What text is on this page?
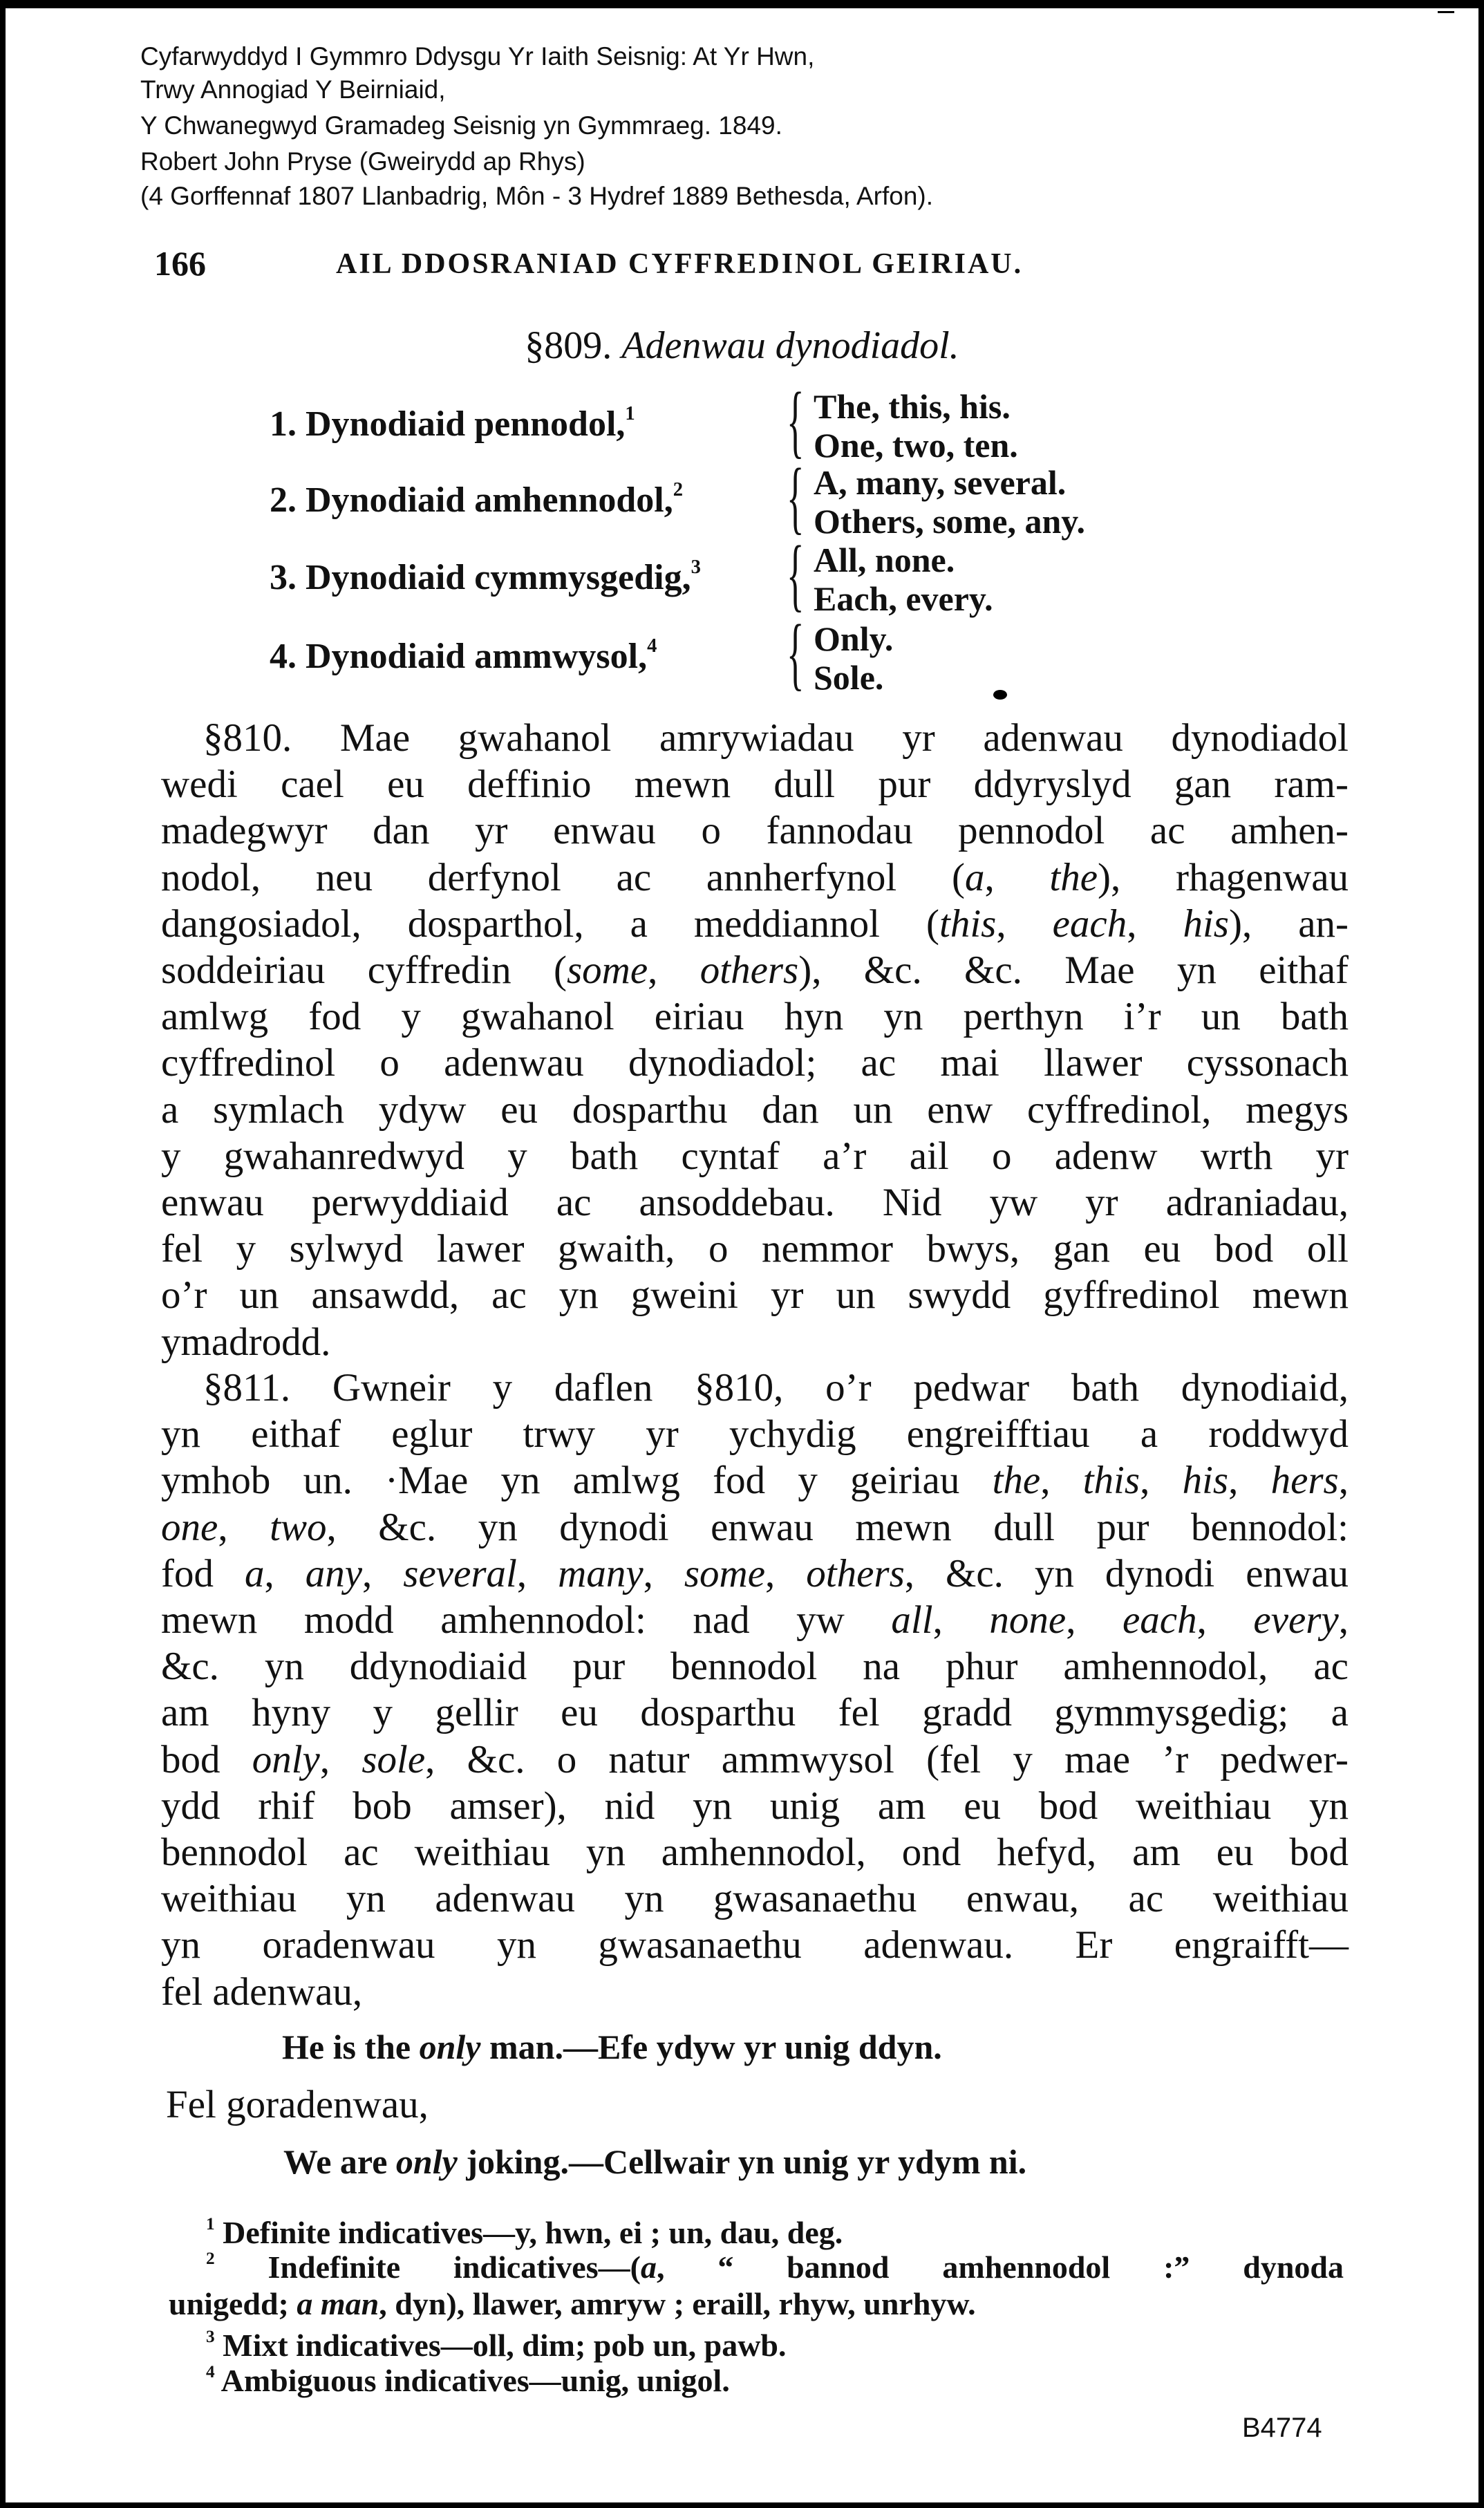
Cyfarwyddyd I Gymmro Ddysgu Yr Iaith Seisnig: At Yr Hwn,
Trwy Annogiad Y Beirniaid,
Y Chwanegwyd Gramadeg Seisnig yn Gymmraeg. 1849.
Robert John Pryse (Gweirydd ap Rhys)
(4 Gorffennaf 1807 Llanbadrig, Môn - 3 Hydref 1889 Bethesda, Arfon).
166	AIL DDOSRANIAD CYFFREDINOL GEIRIAU.
§809. Adenwau dynodiadol.
1. Dynodiaid pennodol,$^1$ { The, this, his.
One, two, ten.
2. Dynodiaid amhennodol,$^2$ { A, many, several.
Others, some, any.
3. Dynodiaid cymmysgedig,$^3$ { All, none.
Each, every.
4. Dynodiaid ammwysol,$^4$ { Only.
Sole.
§810. Mae gwahanol amrywiadau yr adenwau dynodiadol
wedi cael eu deffinio mewn dull pur ddyryslyd gan ram-
madegwyr dan yr enwau o fannodau pennodol ac amhen-
nodol, neu derfynol ac annherfynol (a, the), rhagenwau
dangosiadol, dosparthol, a meddiannol (this, each, his), an-
soddeiriau cyffredin (some, others), &c. &c. Mae yn eithaf
amlwg fod y gwahanol eiriau hyn yn perthyn i’r un bath
cyffredinol o adenwau dynodiadol; ac mai llawer cyssonach
a symlach ydyw eu dosparthu dan un enw cyffredinol, megys
y gwahanredwyd y bath cyntaf a’r ail o adenw wrth yr
enwau perwyddiaid ac ansoddebau. Nid yw yr adraniadau,
fel y sylwyd lawer gwaith, o nemmor bwys, gan eu bod oll
o’r un ansawdd, ac yn gweini yr un swydd gyffredinol mewn
ymadrodd.
§811. Gwneir y daflen §810, o’r pedwar bath dynodiaid,
yn eithaf eglur trwy yr ychydig engreifftiau a roddwyd
ymhob un. ·Mae yn amlwg fod y geiriau the, this, his, hers,
one, two, &c. yn dynodi enwau mewn dull pur bennodol:
fod a, any, several, many, some, others, &c. yn dynodi enwau
mewn modd amhennodol: nad yw all, none, each, every,
&c. yn ddynodiaid pur bennodol na phur amhennodol, ac
am hyny y gellir eu dosparthu fel gradd gymmysgedig; a
bod only, sole, &c. o natur ammwysol (fel y mae ’r pedwer-
ydd rhif bob amser), nid yn unig am eu bod weithiau yn
bennodol ac weithiau yn amhennodol, ond hefyd, am eu bod
weithiau yn adenwau yn gwasanaethu enwau, ac weithiau
yn oradenwau yn gwasanaethu adenwau. Er engraifft—
fel adenwau,
He is the only man.—Efe ydyw yr unig ddyn.
Fel goradenwau,
We are only joking.—Cellwair yn unig yr ydym ni.
$^1$ Definite indicatives—y, hwn, ei ; un, dau, deg.
$^2$ Indefinite indicatives—(a, “ bannod amhennodol :” dynoda
unigedd; a man, dyn), llawer, amryw ; eraill, rhyw, unrhyw.
$^3$ Mixt indicatives—oll, dim; pob un, pawb.
$^4$ Ambiguous indicatives—unig, unigol.
B4774
